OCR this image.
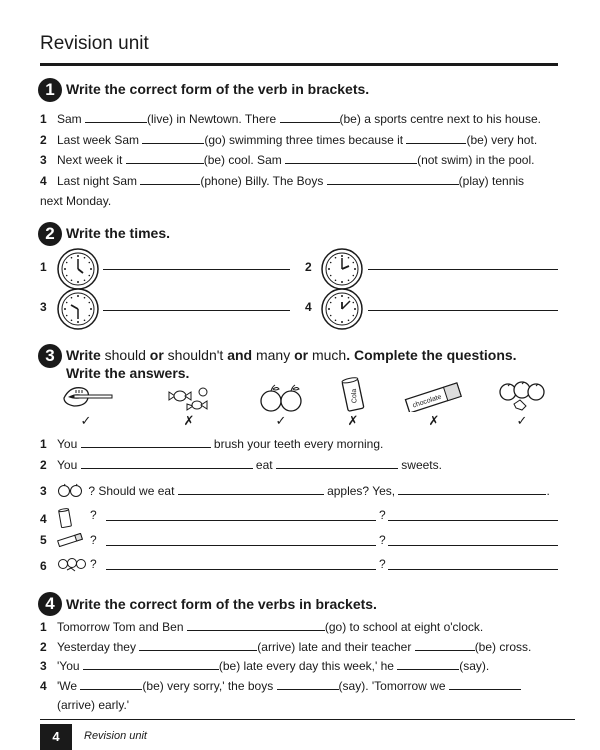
Revision unit
1 Write the correct form of the verb in brackets.
1 Sam	(live) in Newtown. There	(be) a sports centre next to his house.
2 Last week Sam	(go) swimming three times because it	(be) very hot.
3 Next week it	(be) cool. Sam	(not swim) in the pool.
4 Last night Sam	(phone) Billy. The Boys	(play) tennis
next Monday.
2 Write the times.
1	2
3	4
3 Write should or shouldn't and many or much. Complete the questions.
Write the answers.
✓	✗	✓
Cola
✗
chocolate
✗	✓
1 You	brush your teeth every morning.
2 You	eat	sweets.
3	? Should we eat	apples? Yes,	.
4	?	?
5	?	?
6	?	?
4 Write the correct form of the verbs in brackets.
1 Tomorrow Tom and Ben	(go) to school at eight o'clock.
2 Yesterday they	(arrive) late and their teacher	(be) cross.
3 'You	(be) late every day this week,' he	(say).
4 'We	(be) very sorry,' the boys	(say). 'Tomorrow we
(arrive) early.'
4	Revision unit
